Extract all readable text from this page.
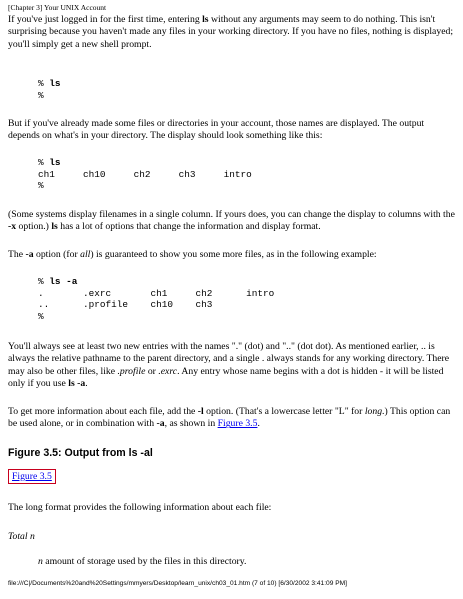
[Chapter 3] Your UNIX Account
If you've just logged in for the first time, entering ls without any arguments may seem to do nothing. This isn't surprising because you haven't made any files in your working directory. If you have no files, nothing is displayed; you'll simply get a new shell prompt.
% ls
%
But if you've already made some files or directories in your account, those names are displayed. The output depends on what's in your directory. The display should look something like this:
% ls
ch1     ch10     ch2     ch3     intro
%
(Some systems display filenames in a single column. If yours does, you can change the display to columns with the -x option.) ls has a lot of options that change the information and display format.
The -a option (for all) is guaranteed to show you some more files, as in the following example:
% ls -a
.       .exrc       ch1     ch2      intro
..      .profile    ch10    ch3
%
You'll always see at least two new entries with the names "." (dot) and ".." (dot dot). As mentioned earlier, .. is always the relative pathname to the parent directory, and a single . always stands for any working directory. There may also be other files, like .profile or .exrc. Any entry whose name begins with a dot is hidden - it will be listed only if you use ls -a.
To get more information about each file, add the -l option. (That's a lowercase letter "L" for long.) This option can be used alone, or in combination with -a, as shown in Figure 3.5.
Figure 3.5: Output from ls -al
Figure 3.5
The long format provides the following information about each file:
Total n
n amount of storage used by the files in this directory.
file:///C|/Documents%20and%20Settings/mmyers/Desktop/learn_unix/ch03_01.htm (7 of 10) [6/30/2002 3:41:09 PM]
